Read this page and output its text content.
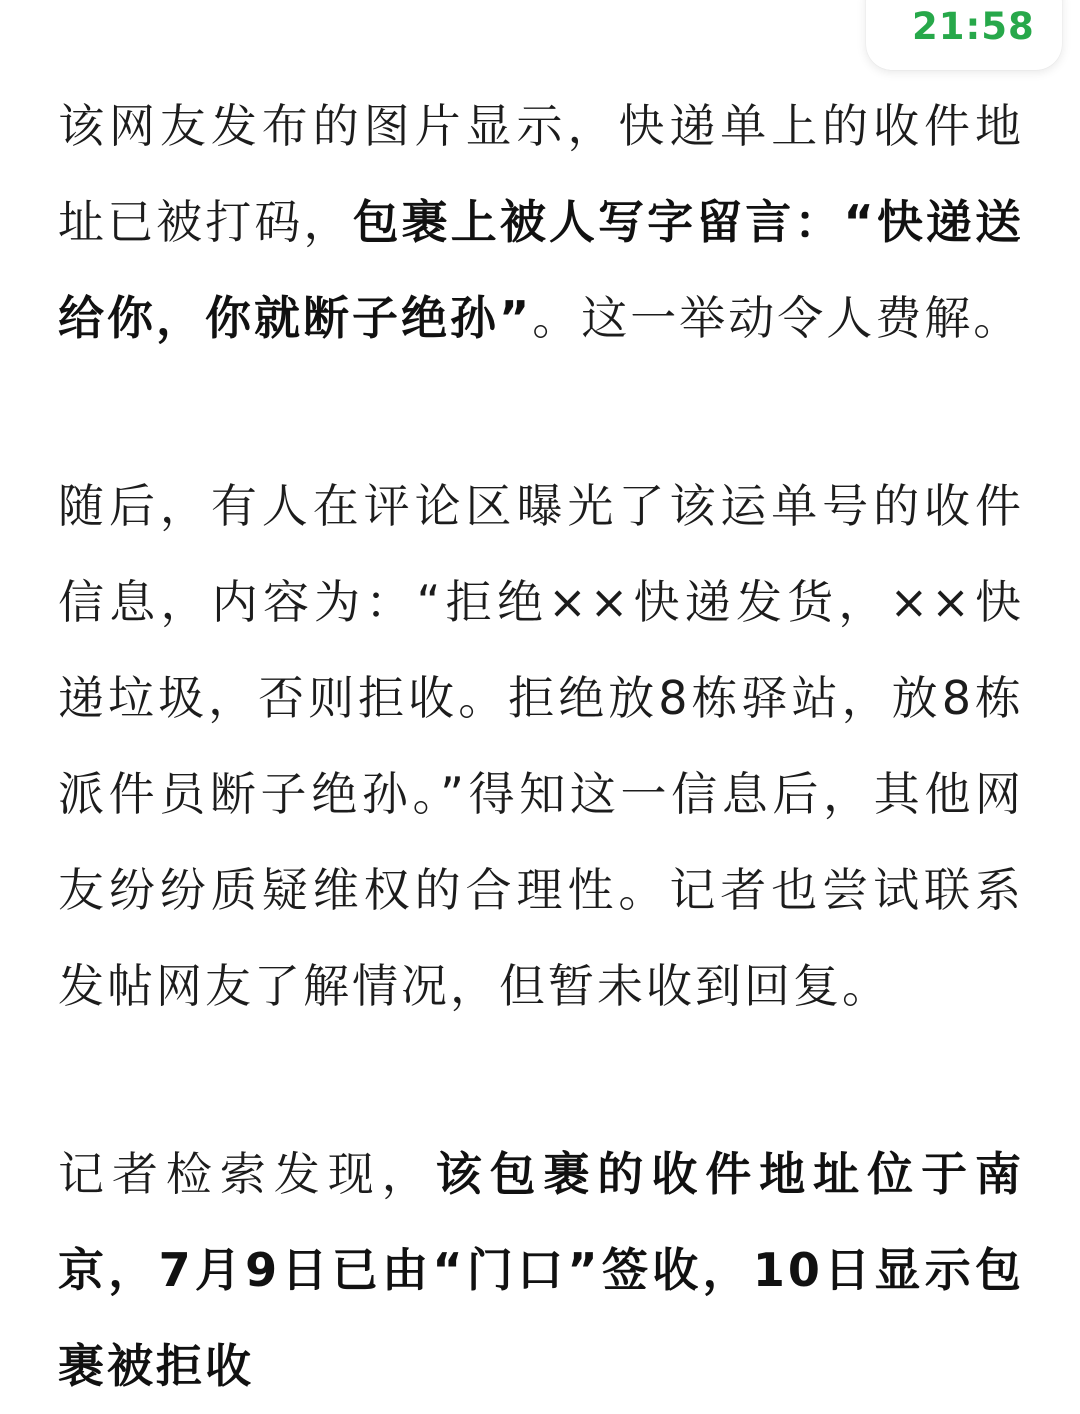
21:58

该网友发布的图片显示，快递单上的收件地址已被打码，包裹上被人写字留言：“快递送给你，你就断子绝孙”。这一举动令人费解。

随后，有人在评论区曝光了该运单号的收件信息，内容为：“拒绝××快递发货，××快递垃圾，否则拒收。拒绝放8栋驿站，放8栋派件员断子绝孙。”得知这一信息后，其他网友纷纷质疑维权的合理性。记者也尝试联系发帖网友了解情况，但暂未收到回复。

记者检索发现，该包裹的收件地址位于南京，7月9日已由“门口”签收，10日显示包裹被拒收
